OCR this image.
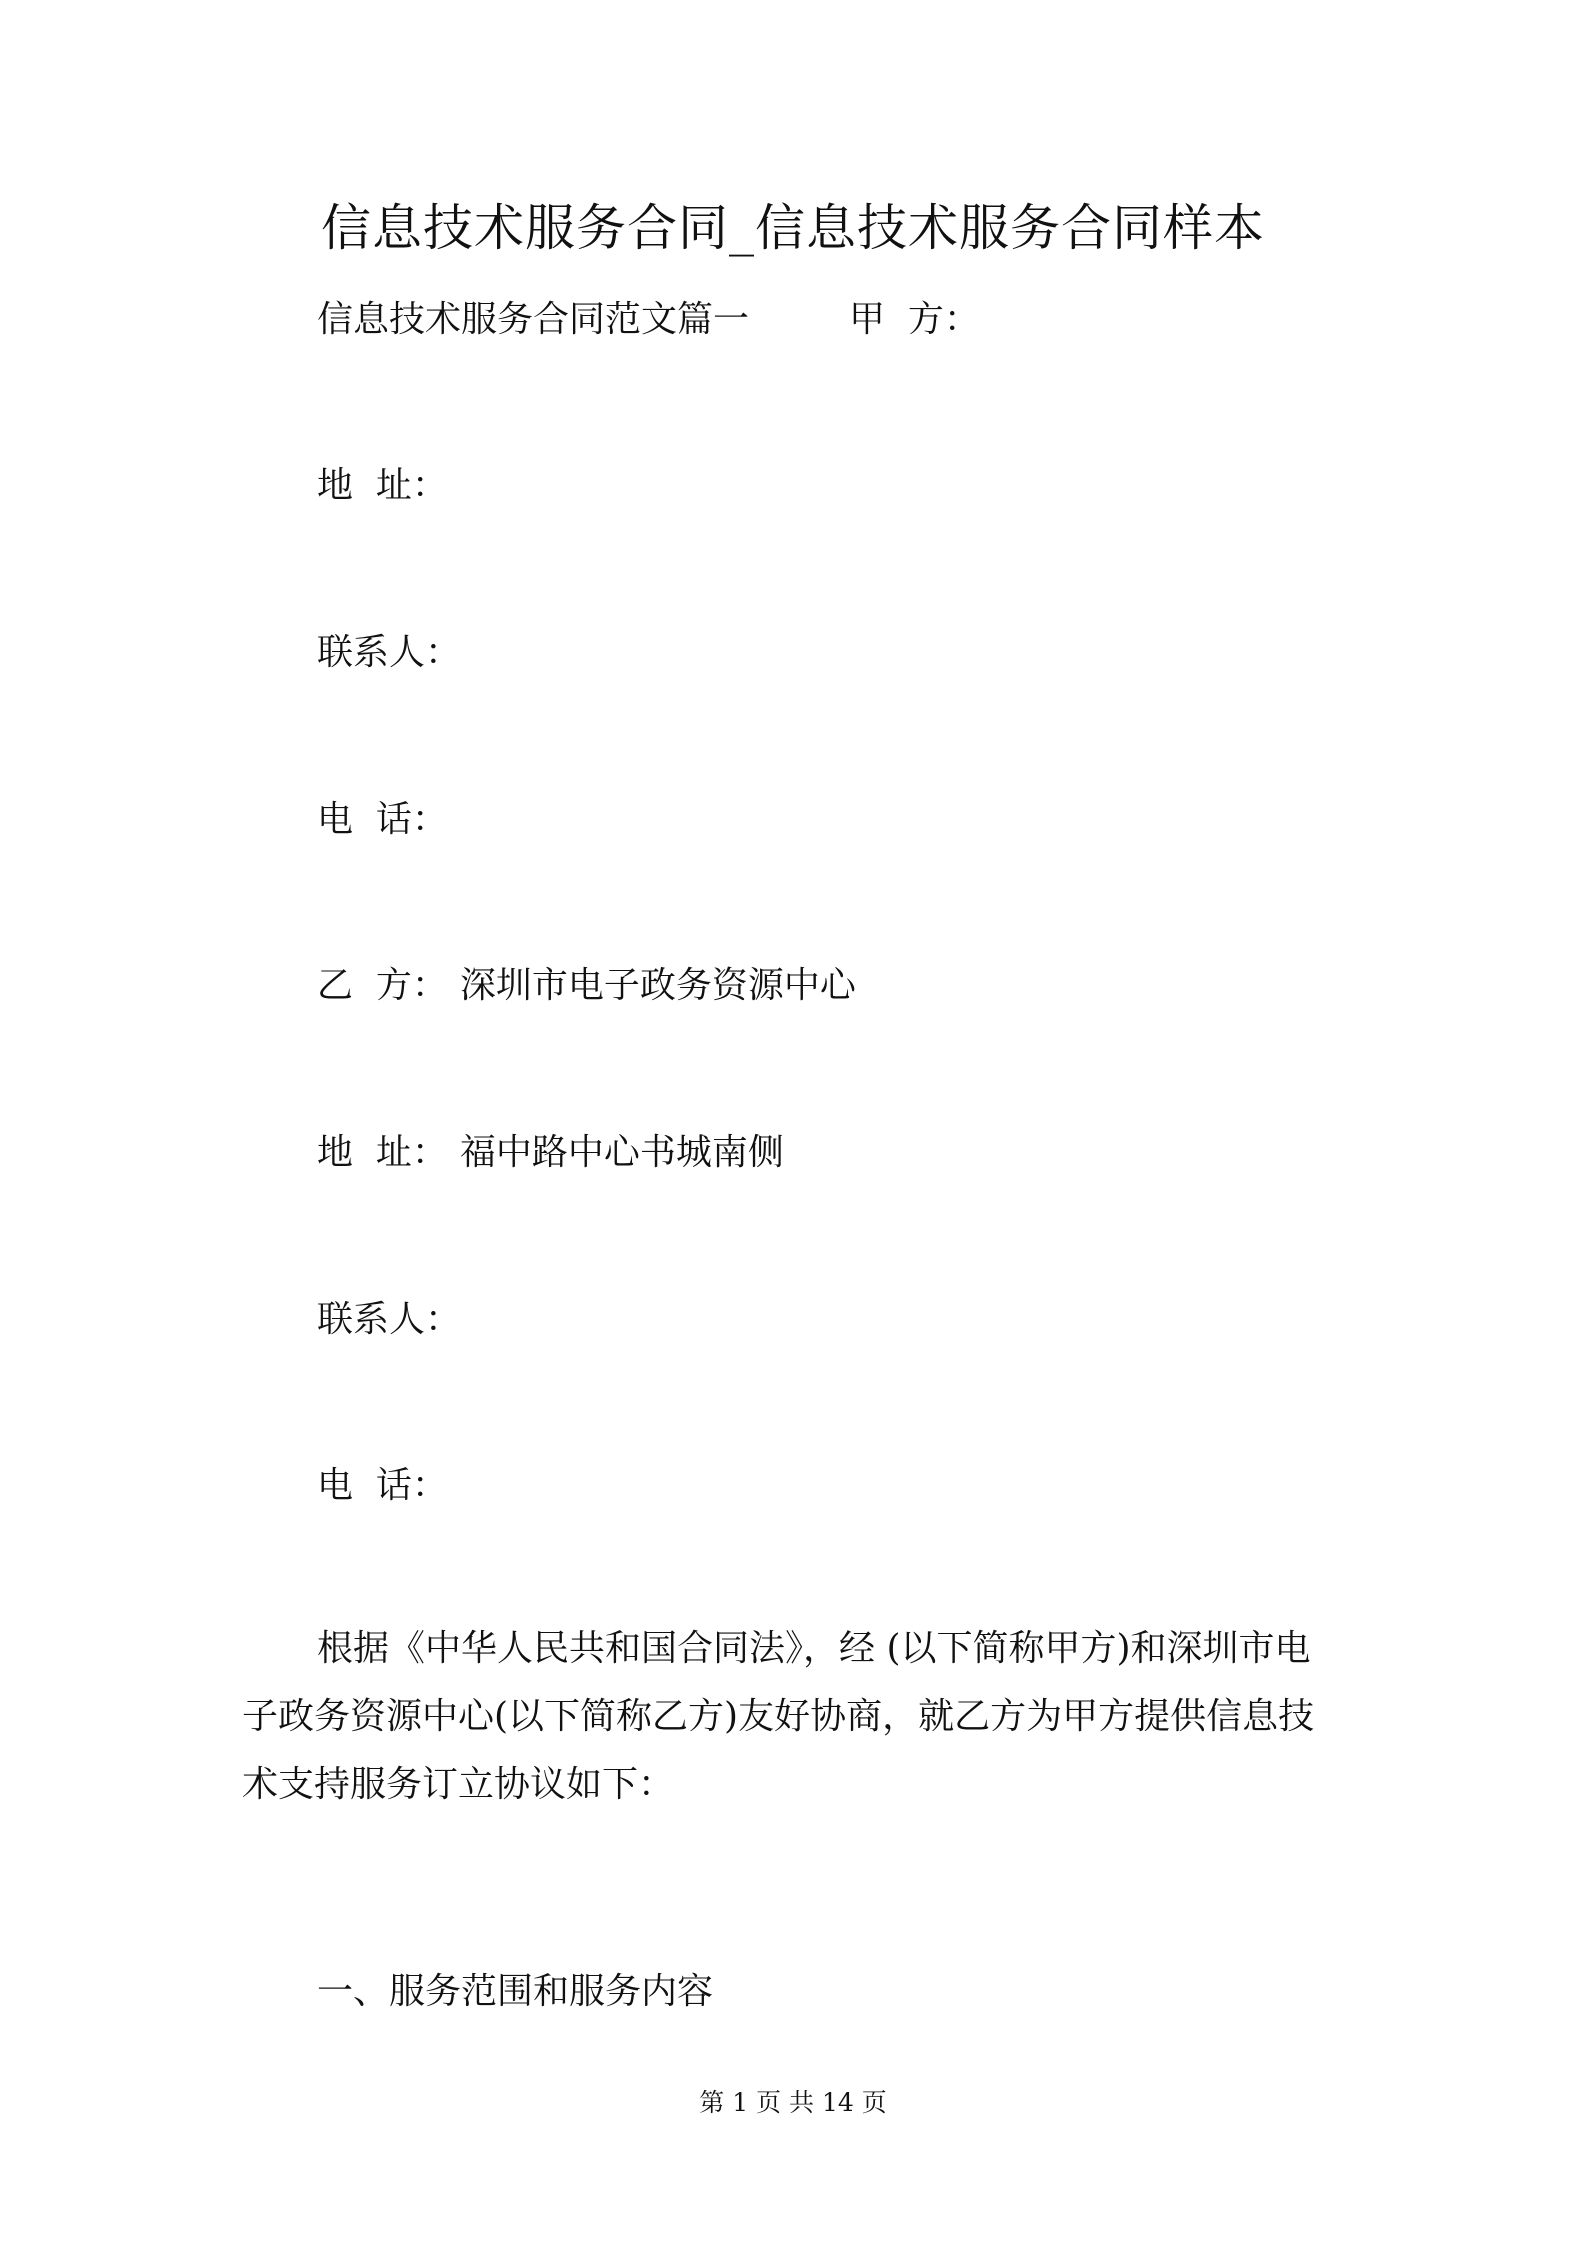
信息技术服务合同_信息技术服务合同样本
信息技术服务合同范文篇一	甲  方：
地  址：
联系人：
电  话：
乙  方： 深圳市电子政务资源中心
地  址： 福中路中心书城南侧
联系人：
电  话：
根据《中华人民共和国合同法》，经 (以下简称甲方)和深圳市电
子政务资源中心(以下简称乙方)友好协商，就乙方为甲方提供信息技
术支持服务订立协议如下：
一、服务范围和服务内容
第 1 页 共 14 页
